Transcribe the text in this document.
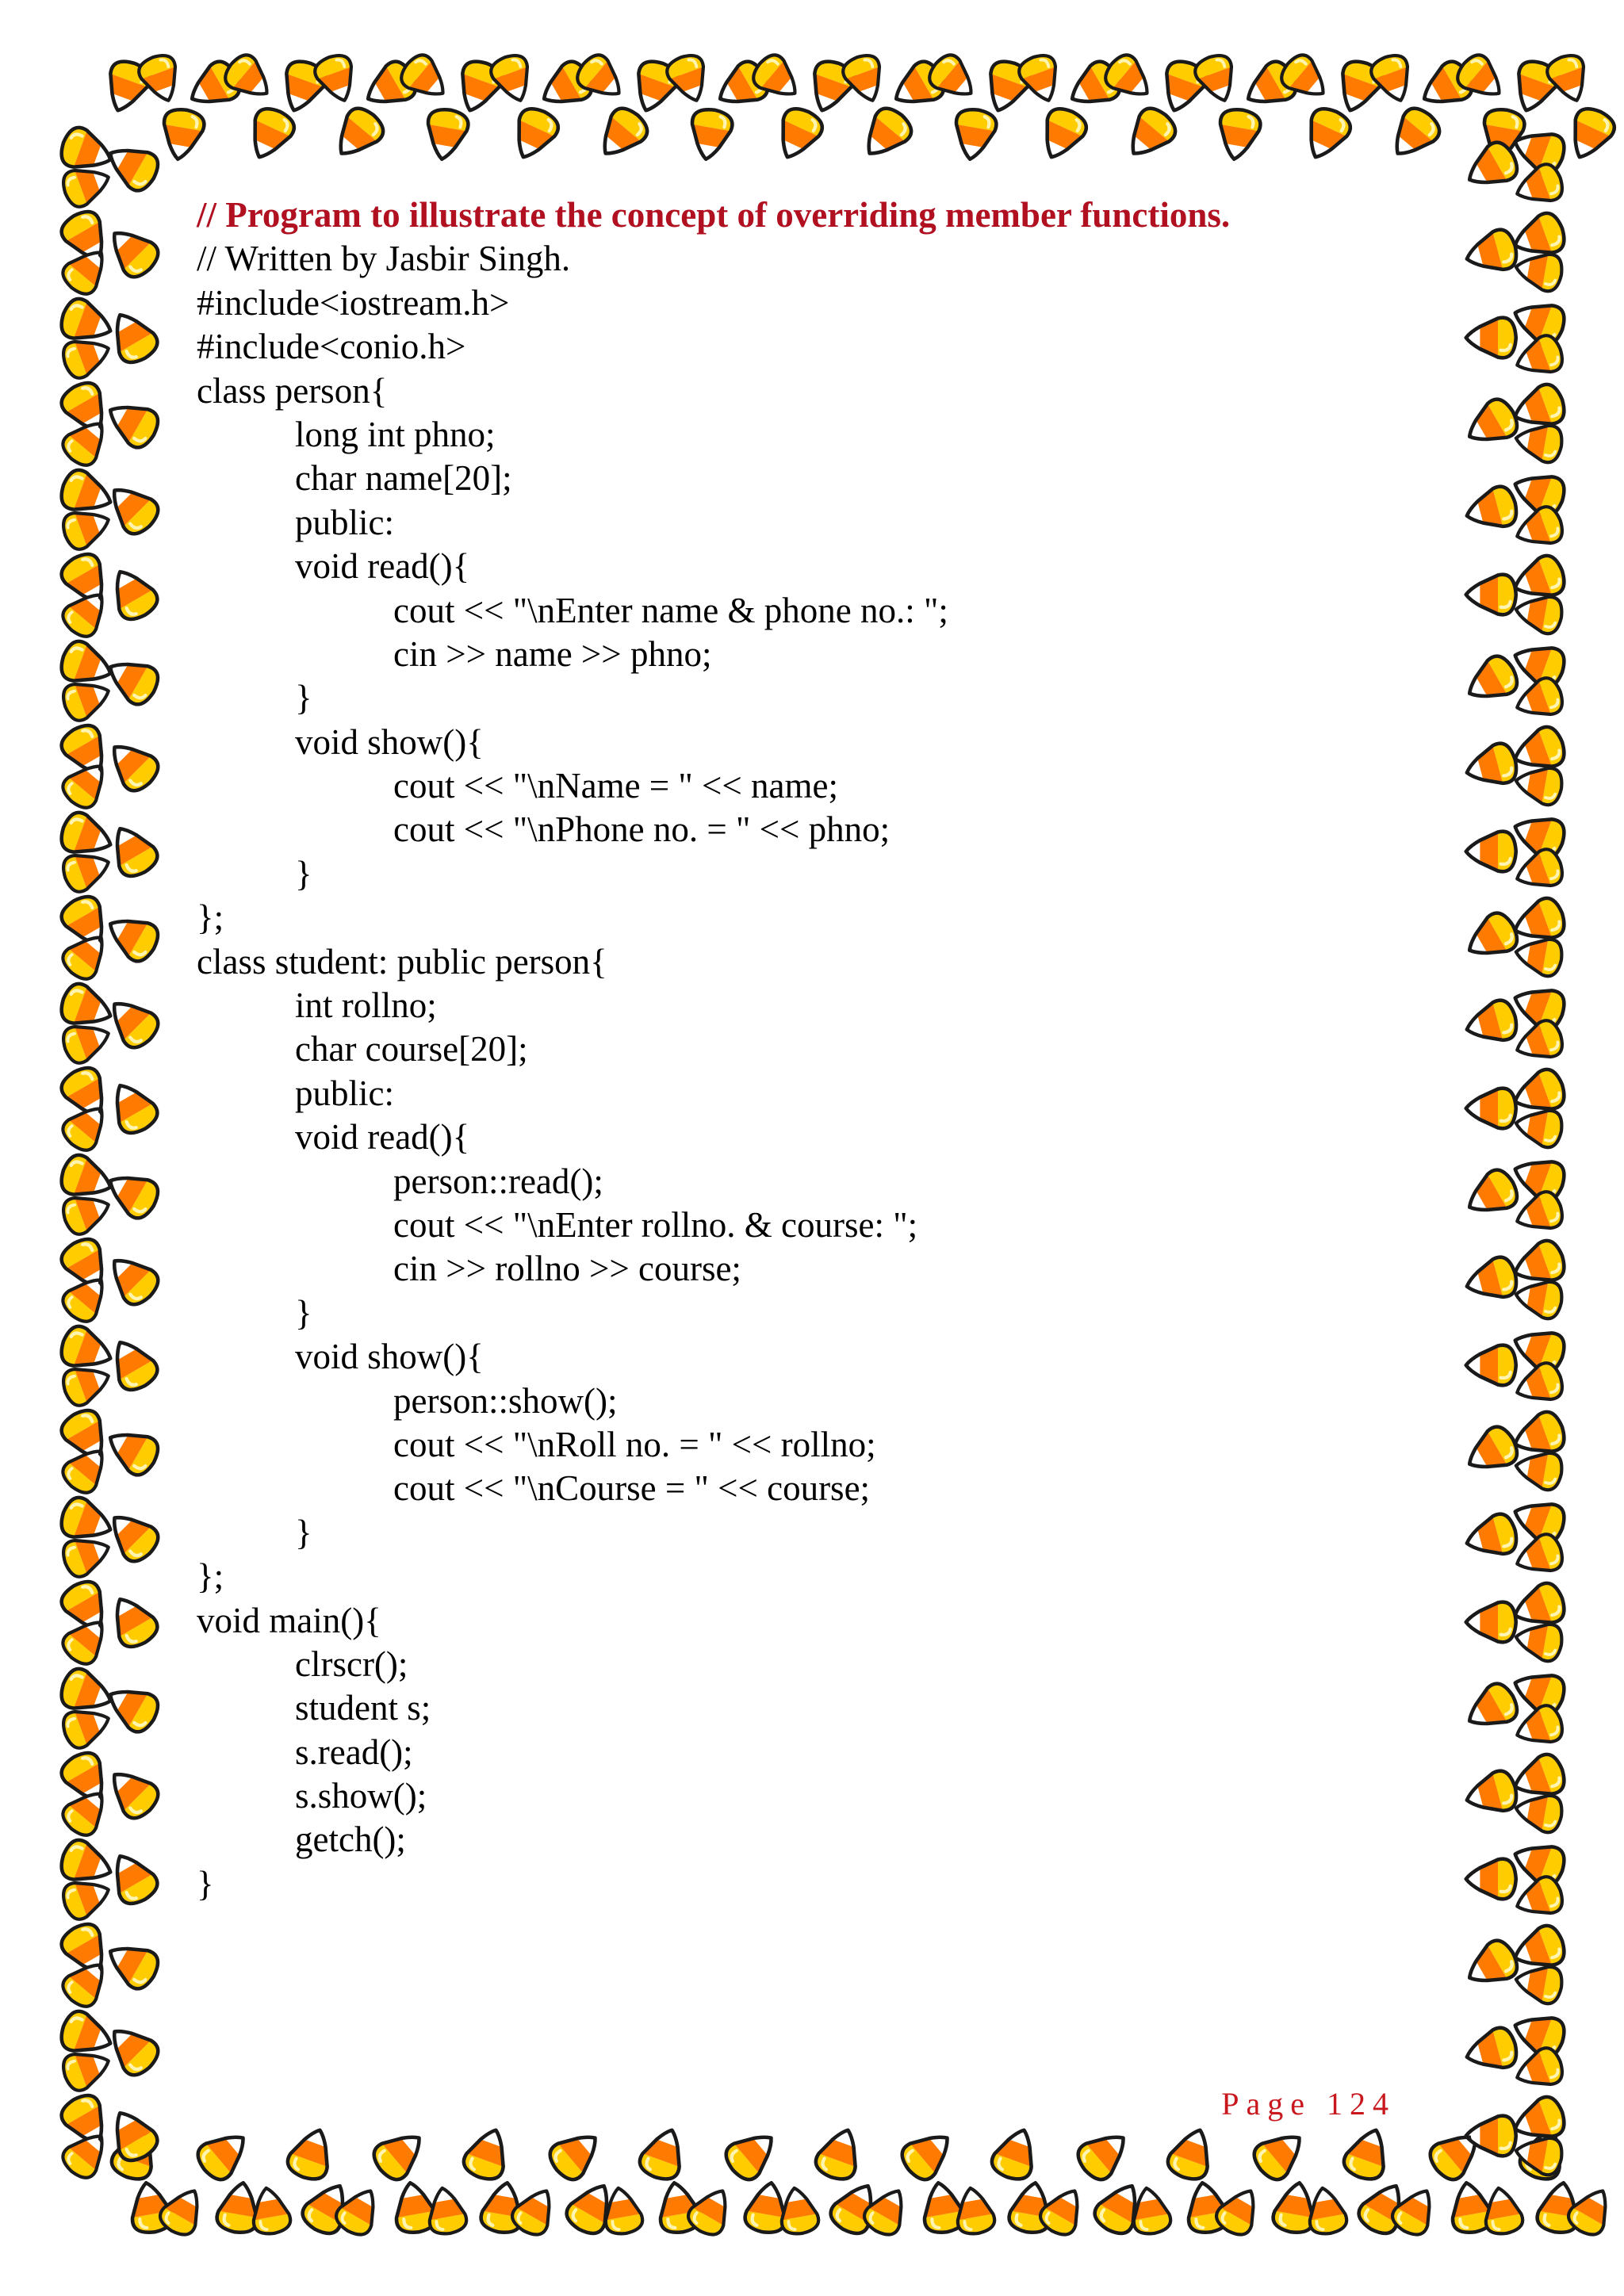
// Program to illustrate the concept of overriding member functions.
// Written by Jasbir Singh.
#include<iostream.h>
#include<conio.h>
class person{
long int phno;
char name[20];
public:
void read(){
cout << "\nEnter name & phone no.: ";
cin >> name >> phno;
}
void show(){
cout << "\nName = " << name;
cout << "\nPhone no. = " << phno;
}
};
class student: public person{
int rollno;
char course[20];
public:
void read(){
person::read();
cout << "\nEnter rollno. & course: ";
cin >> rollno >> course;
}
void show(){
person::show();
cout << "\nRoll no. = " << rollno;
cout << "\nCourse = " << course;
}
};
void main(){
clrscr();
student s;
s.read();
s.show();
getch();
}
Page 124
